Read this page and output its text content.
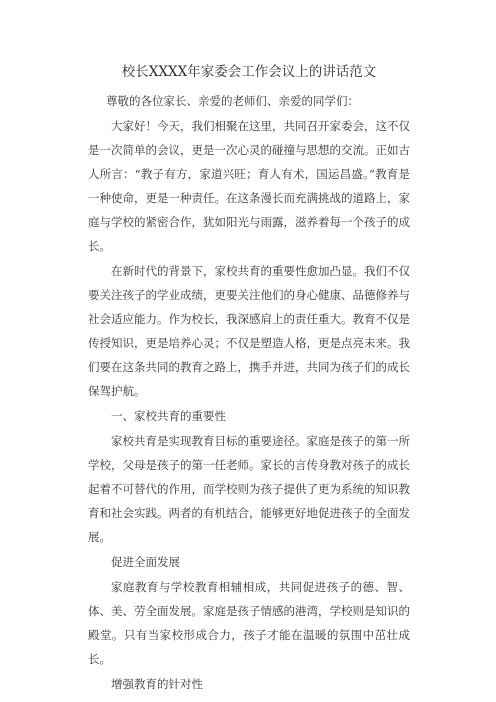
校长XXXX年家委会工作会议上的讲话范文
尊敬的各位家长、亲爱的老师们、亲爱的同学们：
大家好！今天，我们相聚在这里，共同召开家委会，这不仅是一次简单的会议，更是一次心灵的碰撞与思想的交流。正如古人所言：“教子有方，家道兴旺；育人有术，国运昌盛。”教育是一种使命，更是一种责任。在这条漫长而充满挑战的道路上，家庭与学校的紧密合作，犹如阳光与雨露，滋养着每一个孩子的成长。
在新时代的背景下，家校共育的重要性愈加凸显。我们不仅要关注孩子的学业成绩，更要关注他们的身心健康、品德修养与社会适应能力。作为校长，我深感肩上的责任重大。教育不仅是传授知识，更是培养心灵；不仅是塑造人格，更是点亮未来。我们要在这条共同的教育之路上，携手并进，共同为孩子们的成长保驾护航。
一、家校共育的重要性
家校共育是实现教育目标的重要途径。家庭是孩子的第一所学校，父母是孩子的第一任老师。家长的言传身教对孩子的成长起着不可替代的作用，而学校则为孩子提供了更为系统的知识教育和社会实践。两者的有机结合，能够更好地促进孩子的全面发展。
促进全面发展
家庭教育与学校教育相辅相成，共同促进孩子的德、智、体、美、劳全面发展。家庭是孩子情感的港湾，学校则是知识的殿堂。只有当家校形成合力，孩子才能在温暖的氛围中茁壮成长。
增强教育的针对性
